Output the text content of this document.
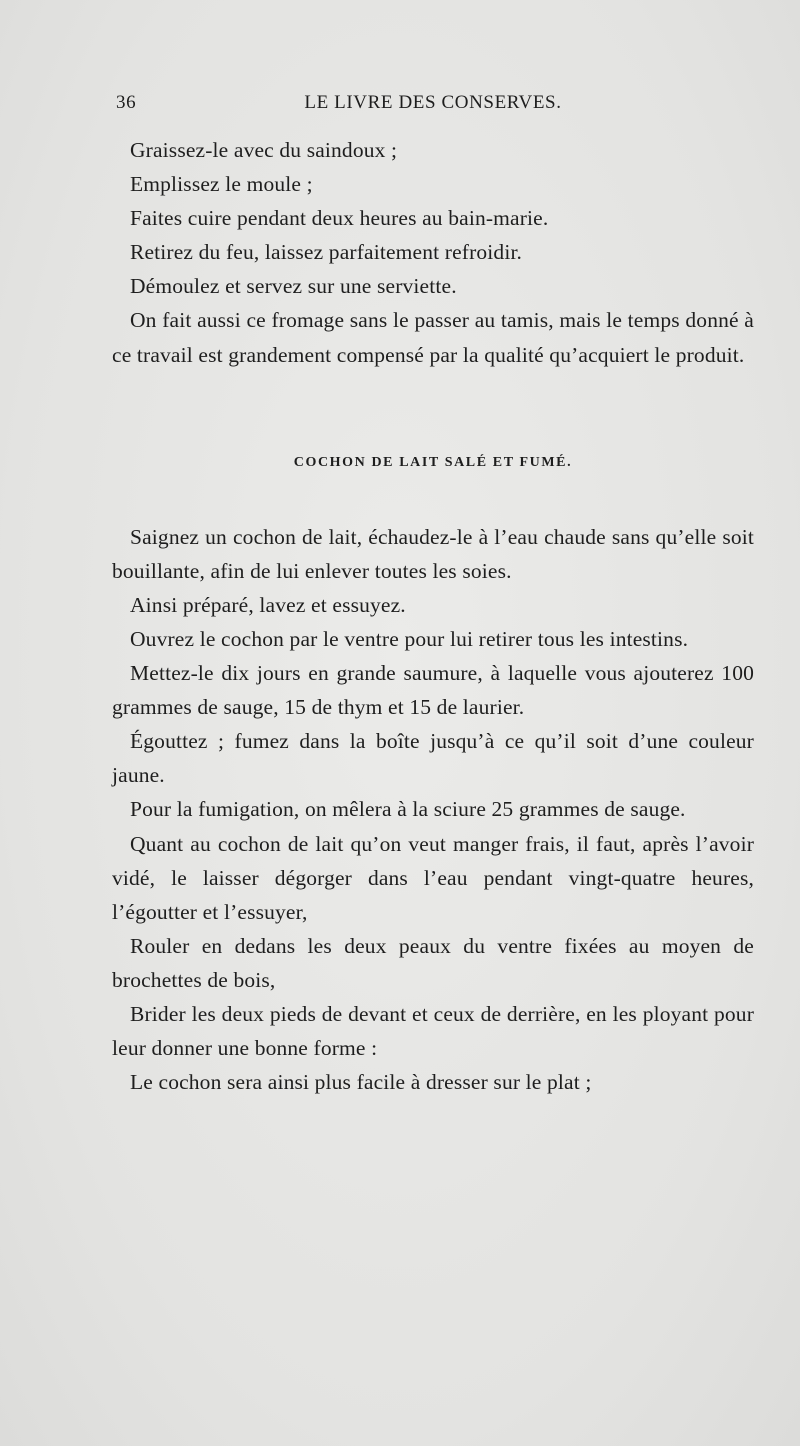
36	LE LIVRE DES CONSERVES.

Graissez-le avec du saindoux ;

Emplissez le moule ;

Faites cuire pendant deux heures au bain-marie.

Retirez du feu, laissez parfaitement refroidir.

Démoulez et servez sur une serviette.

On fait aussi ce fromage sans le passer au tamis, mais le temps donné à ce travail est grandement compensé par la qualité qu’acquiert le produit.

COCHON DE LAIT SALÉ ET FUMÉ.

Saignez un cochon de lait, échaudez-le à l’eau chaude sans qu’elle soit bouillante, afin de lui enlever toutes les soies.

Ainsi préparé, lavez et essuyez.

Ouvrez le cochon par le ventre pour lui retirer tous les intestins.

Mettez-le dix jours en grande saumure, à laquelle vous ajouterez 100 grammes de sauge, 15 de thym et 15 de laurier.

Égouttez ; fumez dans la boîte jusqu’à ce qu’il soit d’une couleur jaune.

Pour la fumigation, on mêlera à la sciure 25 grammes de sauge.

Quant au cochon de lait qu’on veut manger frais, il faut, après l’avoir vidé, le laisser dégorger dans l’eau pendant vingt-quatre heures, l’égoutter et l’essuyer,

Rouler en dedans les deux peaux du ventre fixées au moyen de brochettes de bois,

Brider les deux pieds de devant et ceux de derrière, en les ployant pour leur donner une bonne forme :

Le cochon sera ainsi plus facile à dresser sur le plat ;
